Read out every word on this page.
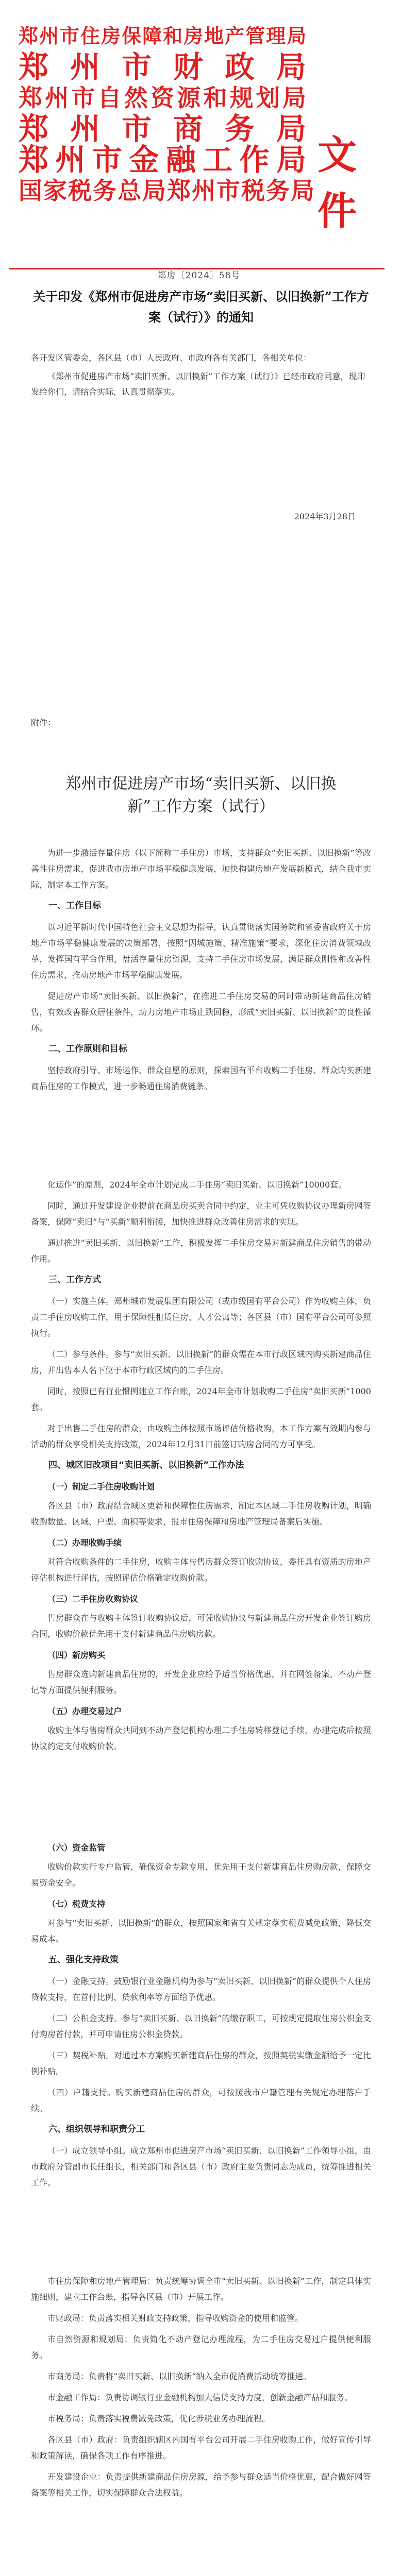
郑 州 市 住 房 保 障 和 房 地 产 管 理 局
郑 州 市 财 政 局
郑 州 市 自 然 资 源 和 规 划 局
郑 州 市 商 务 局
郑 州 市 金 融 工 作 局
国 家 税 务 总 局 郑 州 市 税 务 局
文件
郑房〔2024〕58号
关于印发《郑州市促进房产市场“卖旧买新、以旧换新”工作方案（试行）》的通知

各开发区管委会，各区县（市）人民政府、市政府各有关部门，各相关单位：

《郑州市促进房产市场“卖旧买新、以旧换新”工作方案（试行）》已经市政府同意，现印发给你们，请结合实际，认真贯彻落实。

2024年3月28日
附件：
郑州市促进房产市场“卖旧买新、以旧换新”工作方案（试行）

为进一步激活存量住房（以下简称二手住房）市场，支持群众“卖旧买新、以旧换新”等改善性住房需求，促进我市房地产市场平稳健康发展，加快构建房地产发展新模式，结合我市实际，制定本工作方案。

一、工作目标

以习近平新时代中国特色社会主义思想为指导，认真贯彻落实国务院和省委省政府关于房地产市场平稳健康发展的决策部署，按照“因城施策、精准施策”要求，深化住房消费领域改革，发挥国有平台作用，盘活存量住房资源，支持二手住房市场发展，满足群众刚性和改善性住房需求，推动房地产市场平稳健康发展。

促进房产市场“卖旧买新、以旧换新”，在推进二手住房交易的同时带动新建商品住房销售，有效改善群众居住条件，助力房地产市场止跌回稳，形成“卖旧买新、以旧换新”的良性循环。

二、工作原则和目标

坚持政府引导、市场运作、群众自愿的原则，探索国有平台收购二手住房、群众购买新建商品住房的工作模式，进一步畅通住房消费链条。

化运作”的原则，2024年全市计划完成二手住房“卖旧买新、以旧换新”10000套。

同时，通过开发建设企业提前在商品房买卖合同中约定，业主可凭收购协议办理新房网签备案，保障“卖旧”与“买新”顺利衔接，加快推进群众改善住房需求的实现。

通过推进“卖旧买新、以旧换新”工作，积极发挥二手住房交易对新建商品住房销售的带动作用。

三、工作方式

（一）实施主体。郑州城市发展集团有限公司（或市级国有平台公司）作为收购主体，负责二手住房收购工作，用于保障性租赁住房、人才公寓等；各区县（市）国有平台公司可参照执行。

（二）参与条件。参与“卖旧买新、以旧换新”的群众需在本市行政区域内购买新建商品住房，并出售本人名下位于本市行政区域内的二手住房。

同时，按照已有行业惯例建立工作台账，2024年全市计划收购二手住房“卖旧买新”1000套。

对于出售二手住房的群众，由收购主体按照市场评估价格收购，本工作方案有效期内参与活动的群众享受相关支持政策，2024年12月31日前签订购房合同的方可享受。

四、城区旧改项目“卖旧买新、以旧换新”工作办法
（一）制定二手住房收购计划

各区县（市）政府结合城区更新和保障性住房需求，制定本区域二手住房收购计划，明确收购数量、区域、户型、面积等要求，报市住房保障和房地产管理局备案后实施。

（二）办理收购手续

对符合收购条件的二手住房，收购主体与售房群众签订收购协议，委托具有资质的房地产评估机构进行评估，按照评估价格确定收购价款。

（三）二手住房收购协议

售房群众在与收购主体签订收购协议后，可凭收购协议与新建商品住房开发企业签订购房合同，收购价款优先用于支付新建商品住房购房款。

（四）新房购买

售房群众选购新建商品住房的，开发企业应给予适当价格优惠，并在网签备案、不动产登记等方面提供便利服务。

（五）办理交易过户

收购主体与售房群众共同到不动产登记机构办理二手住房转移登记手续，办理完成后按照协议约定支付收购价款。

（六）资金监管

收购价款实行专户监管，确保资金专款专用，优先用于支付新建商品住房购房款，保障交易资金安全。

（七）税费支持

对参与“卖旧买新、以旧换新”的群众，按照国家和省有关规定落实税费减免政策，降低交易成本。

五、强化支持政策

（一）金融支持。鼓励银行业金融机构为参与“卖旧买新、以旧换新”的群众提供个人住房贷款支持，在首付比例、贷款利率等方面给予优惠。

（二）公积金支持。参与“卖旧买新、以旧换新”的缴存职工，可按规定提取住房公积金支付购房首付款，并可申请住房公积金贷款。

（三）契税补贴。对通过本方案购买新建商品住房的群众，按照契税实缴金额给予一定比例补贴。

（四）户籍支持。购买新建商品住房的群众，可按照我市户籍管理有关规定办理落户手续。

六、组织领导和职责分工

（一）成立领导小组。成立郑州市促进房产市场“卖旧买新、以旧换新”工作领导小组，由市政府分管副市长任组长，相关部门和各区县（市）政府主要负责同志为成员，统筹推进相关工作。

市住房保障和房地产管理局：负责统筹协调全市“卖旧买新、以旧换新”工作，制定具体实施细则，建立工作台账，指导各区县（市）开展工作。

市财政局：负责落实相关财政支持政策，指导收购资金的使用和监管。

市自然资源和规划局：负责简化不动产登记办理流程，为二手住房交易过户提供便利服务。

市商务局：负责将“卖旧买新、以旧换新”纳入全市促消费活动统筹推进。

市金融工作局：负责协调银行业金融机构加大信贷支持力度，创新金融产品和服务。

市税务局：负责落实税费减免政策，优化涉税业务办理流程。

各区县（市）政府：负责组织辖区内国有平台公司开展二手住房收购工作，做好宣传引导和政策解读，确保各项工作有序推进。

开发建设企业：负责提供新建商品住房房源，给予参与群众适当价格优惠，配合做好网签备案等相关工作，切实保障群众合法权益。
